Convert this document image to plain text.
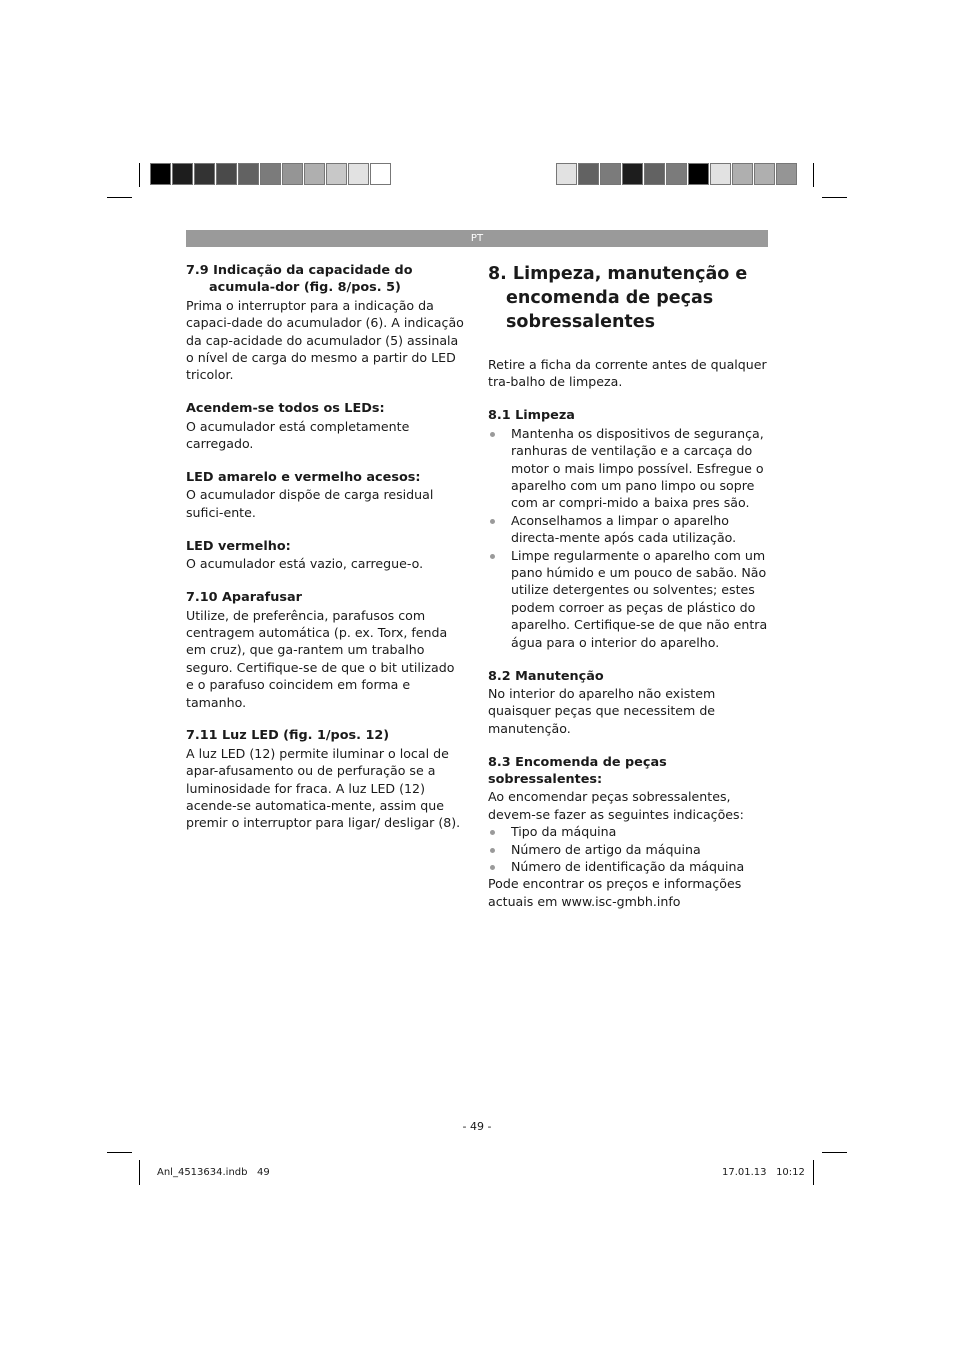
PT
7.9 Indicação da capacidade do acumula-dor (fig. 8/pos. 5)

Prima o interruptor para a indicação da capaci-dade do acumulador (6). A indicação da cap-acidade do acumulador (5) assinala o nível de carga do mesmo a partir do LED tricolor.

Acendem-se todos os LEDs:

O acumulador está completamente carregado.

LED amarelo e vermelho acesos:

O acumulador dispõe de carga residual sufici-ente.

LED vermelho:

O acumulador está vazio, carregue-o.

7.10 Aparafusar

Utilize, de preferência, parafusos com centragem automática (p. ex. Torx, fenda em cruz), que ga-rantem um trabalho seguro. Certifique-se de que o bit utilizado e o parafuso coincidem em forma e tamanho.

7.11 Luz LED (fig. 1/pos. 12)

A luz LED (12) permite iluminar o local de apar-afusamento ou de perfuração se a luminosidade for fraca. A luz LED (12) acende-se automatica-mente, assim que premir o interruptor para ligar/ desligar (8).

8. Limpeza, manutenção e encomenda de peças sobressalentes

Retire a ficha da corrente antes de qualquer tra-balho de limpeza.

8.1 Limpeza
Mantenha os dispositivos de segurança, ranhuras de ventilação e a carcaça do motor o mais limpo possível. Esfregue o aparelho com um pano limpo ou sopre com ar compri-mido a baixa pres são.
Aconselhamos a limpar o aparelho directa-mente após cada utilização.
Limpe regularmente o aparelho com um pano húmido e um pouco de sabão. Não utilize detergentes ou solventes; estes podem corroer as peças de plástico do aparelho. Certifique-se de que não entra água para o interior do aparelho.
8.2 Manutenção

No interior do aparelho não existem quaisquer peças que necessitem de manutenção.

8.3 Encomenda de peças sobressalentes:

Ao encomendar peças sobressalentes, devem-se fazer as seguintes indicações:

Tipo da máquina
Número de artigo da máquina
Número de identificação da máquina

Pode encontrar os preços e informações actuais em www.isc-gmbh.info

- 49 -
Anl_4513634.indb   49	17.01.13   10:12
